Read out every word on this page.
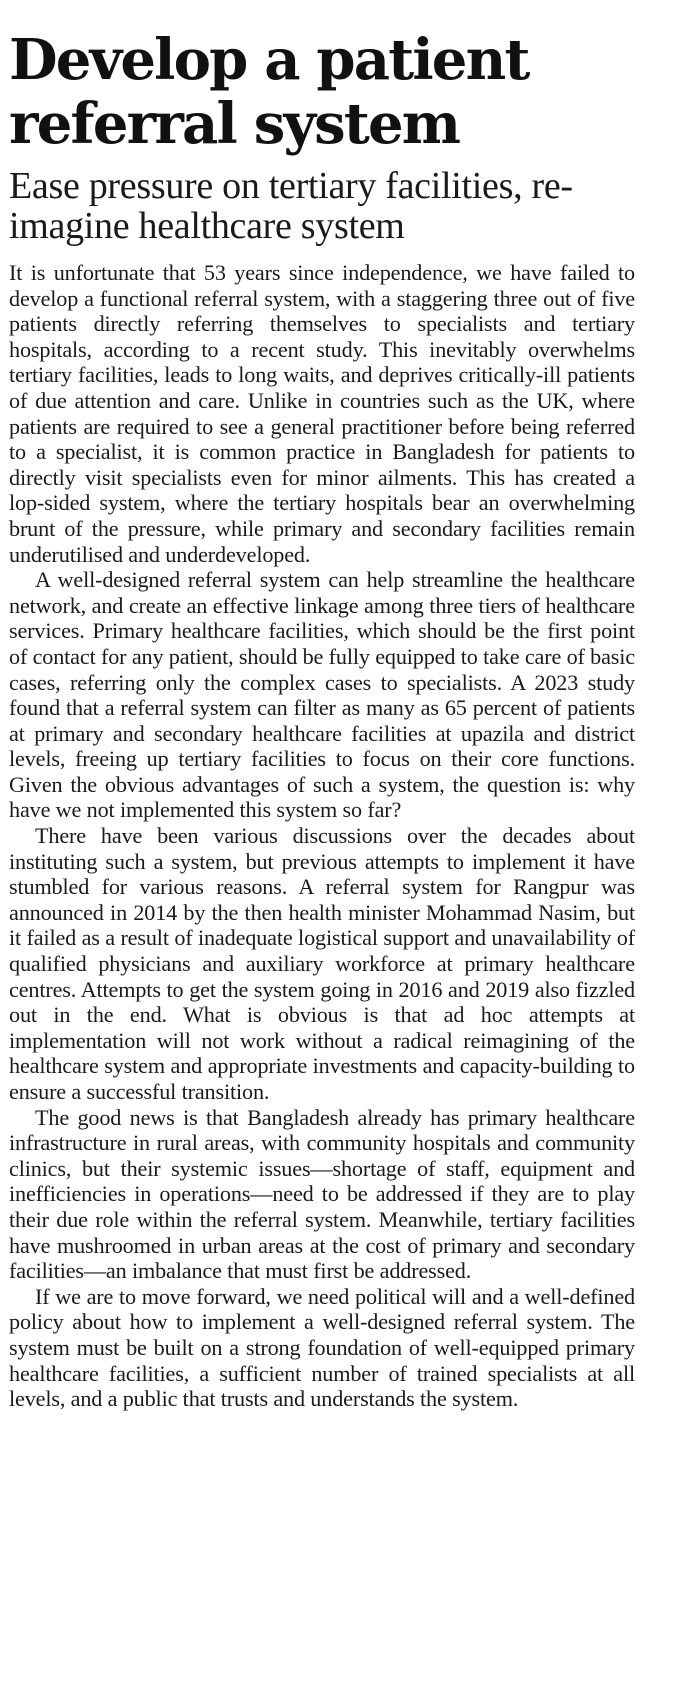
Develop a patient referral system
Ease pressure on tertiary facilities, re-imagine healthcare system

It is unfortunate that 53 years since independence, we have failed to develop a functional referral system, with a staggering three out of five patients directly referring themselves to specialists and tertiary hospitals, according to a recent study. This inevitably overwhelms tertiary facilities, leads to long waits, and deprives critically-ill patients of due attention and care. Unlike in countries such as the UK, where patients are required to see a general practitioner before being referred to a specialist, it is common practice in Bangladesh for patients to directly visit specialists even for minor ailments. This has created a lop-sided system, where the tertiary hospitals bear an overwhelming brunt of the pressure, while primary and secondary facilities remain underutilised and underdeveloped.

A well-designed referral system can help streamline the healthcare network, and create an effective linkage among three tiers of healthcare services. Primary healthcare facilities, which should be the first point of contact for any patient, should be fully equipped to take care of basic cases, referring only the complex cases to specialists. A 2023 study found that a referral system can filter as many as 65 percent of patients at primary and secondary healthcare facilities at upazila and district levels, freeing up tertiary facilities to focus on their core functions. Given the obvious advantages of such a system, the question is: why have we not implemented this system so far?

There have been various discussions over the decades about instituting such a system, but previous attempts to implement it have stumbled for various reasons. A referral system for Rangpur was announced in 2014 by the then health minister Mohammad Nasim, but it failed as a result of inadequate logistical support and unavailability of qualified physicians and auxiliary workforce at primary healthcare centres. Attempts to get the system going in 2016 and 2019 also fizzled out in the end. What is obvious is that ad hoc attempts at implementation will not work without a radical reimagining of the healthcare system and appropriate investments and capacity-building to ensure a successful transition.

The good news is that Bangladesh already has primary healthcare infrastructure in rural areas, with community hospitals and community clinics, but their systemic issues—shortage of staff, equipment and inefficiencies in operations—need to be addressed if they are to play their due role within the referral system. Meanwhile, tertiary facilities have mushroomed in urban areas at the cost of primary and secondary facilities—an imbalance that must first be addressed.

If we are to move forward, we need political will and a well-defined policy about how to implement a well-designed referral system. The system must be built on a strong foundation of well-equipped primary healthcare facilities, a sufficient number of trained specialists at all levels, and a public that trusts and understands the system.
